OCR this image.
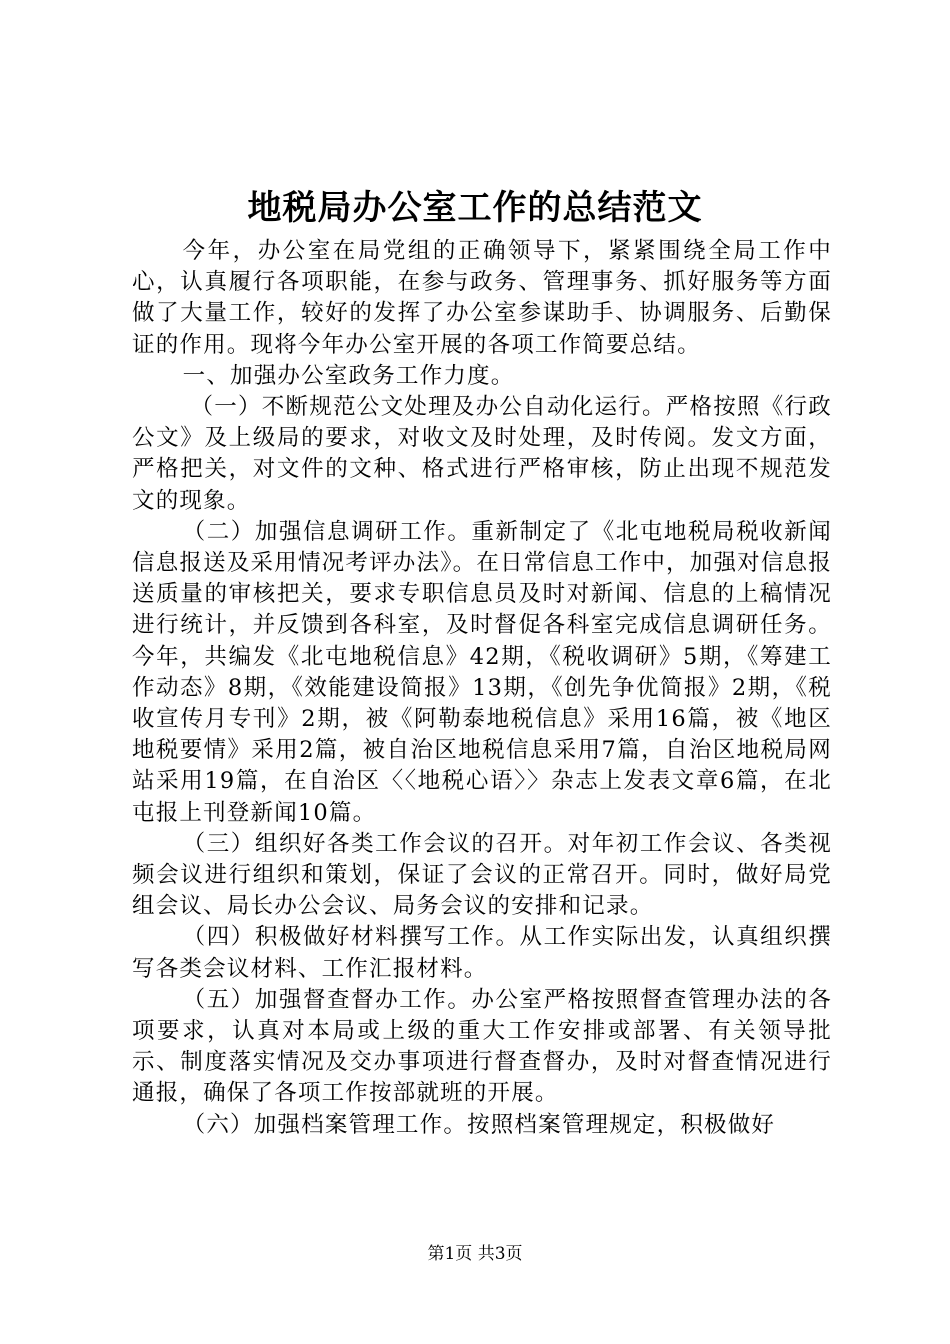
地税局办公室工作的总结范文

今年，办公室在局党组的正确领导下，紧紧围绕全局工作中心，认真履行各项职能，在参与政务、管理事务、抓好服务等方面做了大量工作，较好的发挥了办公室参谋助手、协调服务、后勤保证的作用。现将今年办公室开展的各项工作简要总结。

一、加强办公室政务工作力度。

（一）不断规范公文处理及办公自动化运行。严格按照《行政公文》及上级局的要求，对收文及时处理，及时传阅。发文方面，严格把关，对文件的文种、格式进行严格审核，防止出现不规范发文的现象。

（二）加强信息调研工作。重新制定了《北屯地税局税收新闻信息报送及采用情况考评办法》。在日常信息工作中，加强对信息报送质量的审核把关，要求专职信息员及时对新闻、信息的上稿情况进行统计，并反馈到各科室，及时督促各科室完成信息调研任务。今年，共编发《北屯地税信息》42期，《税收调研》5期，《筹建工作动态》8期，《效能建设简报》13期，《创先争优简报》2期，《税收宣传月专刊》2期，被《阿勒泰地税信息》采用16篇，被《地区地税要情》采用2篇，被自治区地税信息采用7篇，自治区地税局网站采用19篇，在自治区〈〈地税心语〉〉杂志上发表文章6篇，在北屯报上刊登新闻10篇。

（三）组织好各类工作会议的召开。对年初工作会议、各类视频会议进行组织和策划，保证了会议的正常召开。同时，做好局党组会议、局长办公会议、局务会议的安排和记录。

（四）积极做好材料撰写工作。从工作实际出发，认真组织撰写各类会议材料、工作汇报材料。

（五）加强督查督办工作。办公室严格按照督查管理办法的各项要求，认真对本局或上级的重大工作安排或部署、有关领导批示、制度落实情况及交办事项进行督查督办，及时对督查情况进行通报，确保了各项工作按部就班的开展。

（六）加强档案管理工作。按照档案管理规定，积极做好

第1页 共3页
